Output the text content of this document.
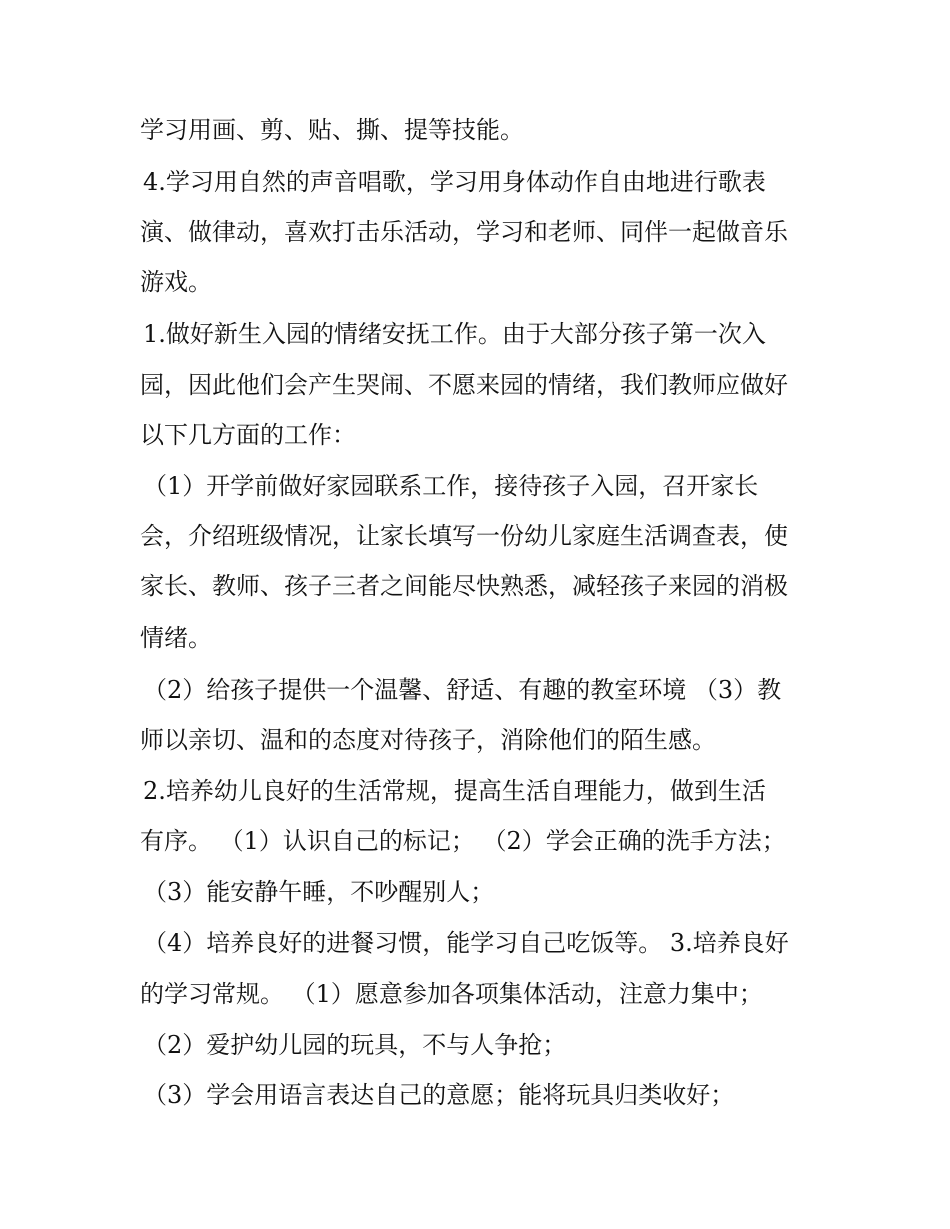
学习用画、剪、贴、撕、提等技能。
4.学习用自然的声音唱歌，学习用身体动作自由地进行歌表
演、做律动，喜欢打击乐活动，学习和老师、同伴一起做音乐
游戏。
1.做好新生入园的情绪安抚工作。由于大部分孩子第一次入
园，因此他们会产生哭闹、不愿来园的情绪，我们教师应做好
以下几方面的工作：
（1）开学前做好家园联系工作，接待孩子入园，召开家长
会，介绍班级情况，让家长填写一份幼儿家庭生活调查表，使
家长、教师、孩子三者之间能尽快熟悉，减轻孩子来园的消极
情绪。
（2）给孩子提供一个温馨、舒适、有趣的教室环境 （3）教
师以亲切、温和的态度对待孩子，消除他们的陌生感。
2.培养幼儿良好的生活常规，提高生活自理能力，做到生活
有序。 （1）认识自己的标记； （2）学会正确的洗手方法；
（3）能安静午睡，不吵醒别人；
（4）培养良好的进餐习惯，能学习自己吃饭等。 3.培养良好
的学习常规。 （1）愿意参加各项集体活动，注意力集中；
（2）爱护幼儿园的玩具，不与人争抢；
（3）学会用语言表达自己的意愿；能将玩具归类收好；
